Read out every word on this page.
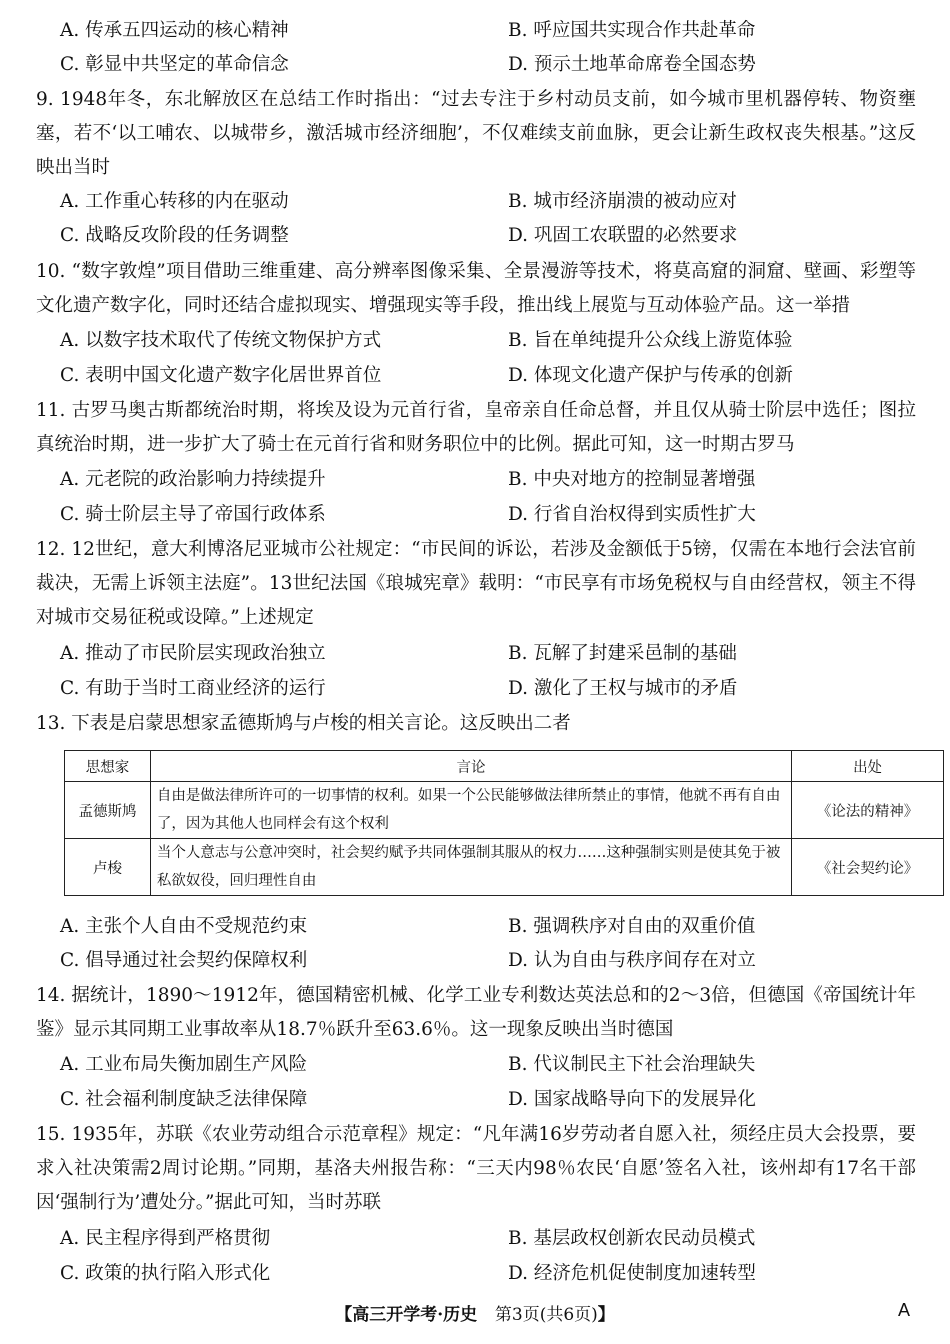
A. 传承五四运动的核心精神	B. 呼应国共实现合作共赴革命
C. 彰显中共坚定的革命信念	D. 预示土地革命席卷全国态势
9. 1948年冬，东北解放区在总结工作时指出：“过去专注于乡村动员支前，如今城市里机器停转、物资壅塞，若不‘以工哺农、以城带乡，激活城市经济细胞’，不仅难续支前血脉，更会让新生政权丧失根基。”这反映出当时
A. 工作重心转移的内在驱动	B. 城市经济崩溃的被动应对
C. 战略反攻阶段的任务调整	D. 巩固工农联盟的必然要求
10. “数字敦煌”项目借助三维重建、高分辨率图像采集、全景漫游等技术，将莫高窟的洞窟、壁画、彩塑等文化遗产数字化，同时还结合虚拟现实、增强现实等手段，推出线上展览与互动体验产品。这一举措
A. 以数字技术取代了传统文物保护方式	B. 旨在单纯提升公众线上游览体验
C. 表明中国文化遗产数字化居世界首位	D. 体现文化遗产保护与传承的创新
11. 古罗马奥古斯都统治时期，将埃及设为元首行省，皇帝亲自任命总督，并且仅从骑士阶层中选任；图拉真统治时期，进一步扩大了骑士在元首行省和财务职位中的比例。据此可知，这一时期古罗马
A. 元老院的政治影响力持续提升	B. 中央对地方的控制显著增强
C. 骑士阶层主导了帝国行政体系	D. 行省自治权得到实质性扩大
12. 12世纪，意大利博洛尼亚城市公社规定：“市民间的诉讼，若涉及金额低于5镑，仅需在本地行会法官前裁决，无需上诉领主法庭”。13世纪法国《琅城宪章》载明：“市民享有市场免税权与自由经营权，领主不得对城市交易征税或设障。”上述规定
A. 推动了市民阶层实现政治独立	B. 瓦解了封建采邑制的基础
C. 有助于当时工商业经济的运行	D. 激化了王权与城市的矛盾
13. 下表是启蒙思想家孟德斯鸠与卢梭的相关言论。这反映出二者
思想家	言论	出处
孟德斯鸠	自由是做法律所许可的一切事情的权利。如果一个公民能够做法律所禁止的事情，他就不再有自由了，因为其他人也同样会有这个权利	《论法的精神》
卢梭	当个人意志与公意冲突时，社会契约赋予共同体强制其服从的权力……这种强制实则是使其免于被私欲奴役，回归理性自由	《社会契约论》
A. 主张个人自由不受规范约束	B. 强调秩序对自由的双重价值
C. 倡导通过社会契约保障权利	D. 认为自由与秩序间存在对立
14. 据统计，1890～1912年，德国精密机械、化学工业专利数达英法总和的2～3倍，但德国《帝国统计年鉴》显示其同期工业事故率从18.7％跃升至63.6％。这一现象反映出当时德国
A. 工业布局失衡加剧生产风险	B. 代议制民主下社会治理缺失
C. 社会福利制度缺乏法律保障	D. 国家战略导向下的发展异化
15. 1935年，苏联《农业劳动组合示范章程》规定：“凡年满16岁劳动者自愿入社，须经庄员大会投票，要求入社决策需2周讨论期。”同期，基洛夫州报告称：“三天内98％农民‘自愿’签名入社，该州却有17名干部因‘强制行为’遭处分。”据此可知，当时苏联
A. 民主程序得到严格贯彻	B. 基层政权创新农民动员模式
C. 政策的执行陷入形式化	D. 经济危机促使制度加速转型
【高三开学考·历史 第3页(共6页)】	A
